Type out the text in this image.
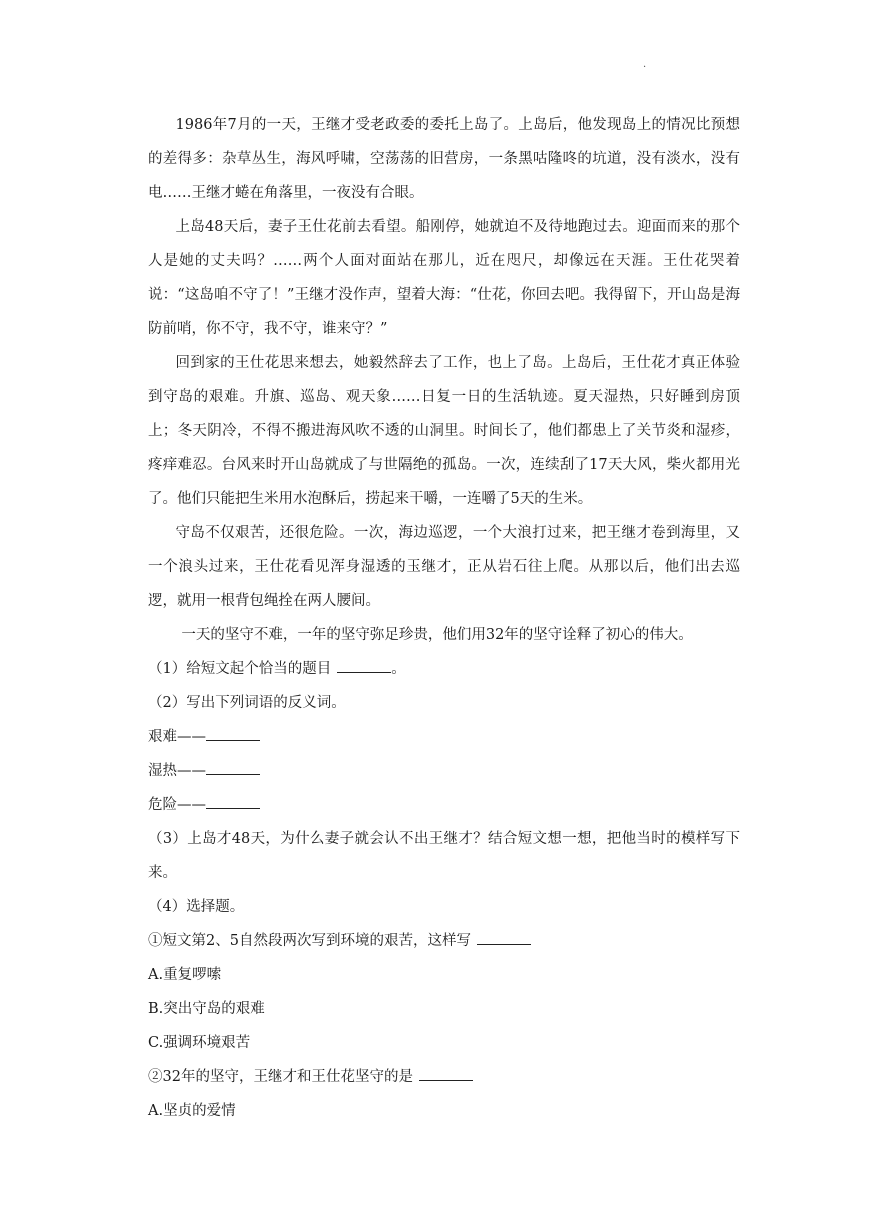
·

1986年7月的一天，王继才受老政委的委托上岛了。上岛后，他发现岛上的情况比预想的差得多：杂草丛生，海风呼啸，空荡荡的旧营房，一条黑咕隆咚的坑道，没有淡水，没有电……王继才蜷在角落里，一夜没有合眼。

上岛48天后，妻子王仕花前去看望。船刚停，她就迫不及待地跑过去。迎面而来的那个人是她的丈夫吗？……两个人面对面站在那儿，近在咫尺，却像远在天涯。王仕花哭着说：“这岛咱不守了！”王继才没作声，望着大海：“仕花，你回去吧。我得留下，开山岛是海防前哨，你不守，我不守，谁来守？”

回到家的王仕花思来想去，她毅然辞去了工作，也上了岛。上岛后，王仕花才真正体验到守岛的艰难。升旗、巡岛、观天象……日复一日的生活轨迹。夏天湿热，只好睡到房顶上；冬天阴冷，不得不搬进海风吹不透的山洞里。时间长了，他们都患上了关节炎和湿疹，疼痒难忍。台风来时开山岛就成了与世隔绝的孤岛。一次，连续刮了17天大风，柴火都用光了。他们只能把生米用水泡酥后，捞起来干嚼，一连嚼了5天的生米。

守岛不仅艰苦，还很危险。一次，海边巡逻，一个大浪打过来，把王继才卷到海里，又一个浪头过来，王仕花看见浑身湿透的玉继才，正从岩石往上爬。从那以后，他们出去巡逻，就用一根背包绳拴在两人腰间。

一天的坚守不难，一年的坚守弥足珍贵，他们用32年的坚守诠释了初心的伟大。

（1）给短文起个恰当的题目	。

（2）写出下列词语的反义词。

艰难——

湿热——

危险——

（3）上岛才48天，为什么妻子就会认不出王继才？结合短文想一想，把他当时的模样写下来。

（4）选择题。

①短文第2、5自然段两次写到环境的艰苦，这样写

A.重复啰嗦

B.突出守岛的艰难

C.强调环境艰苦

②32年的坚守，王继才和王仕花坚守的是

A.坚贞的爱情
